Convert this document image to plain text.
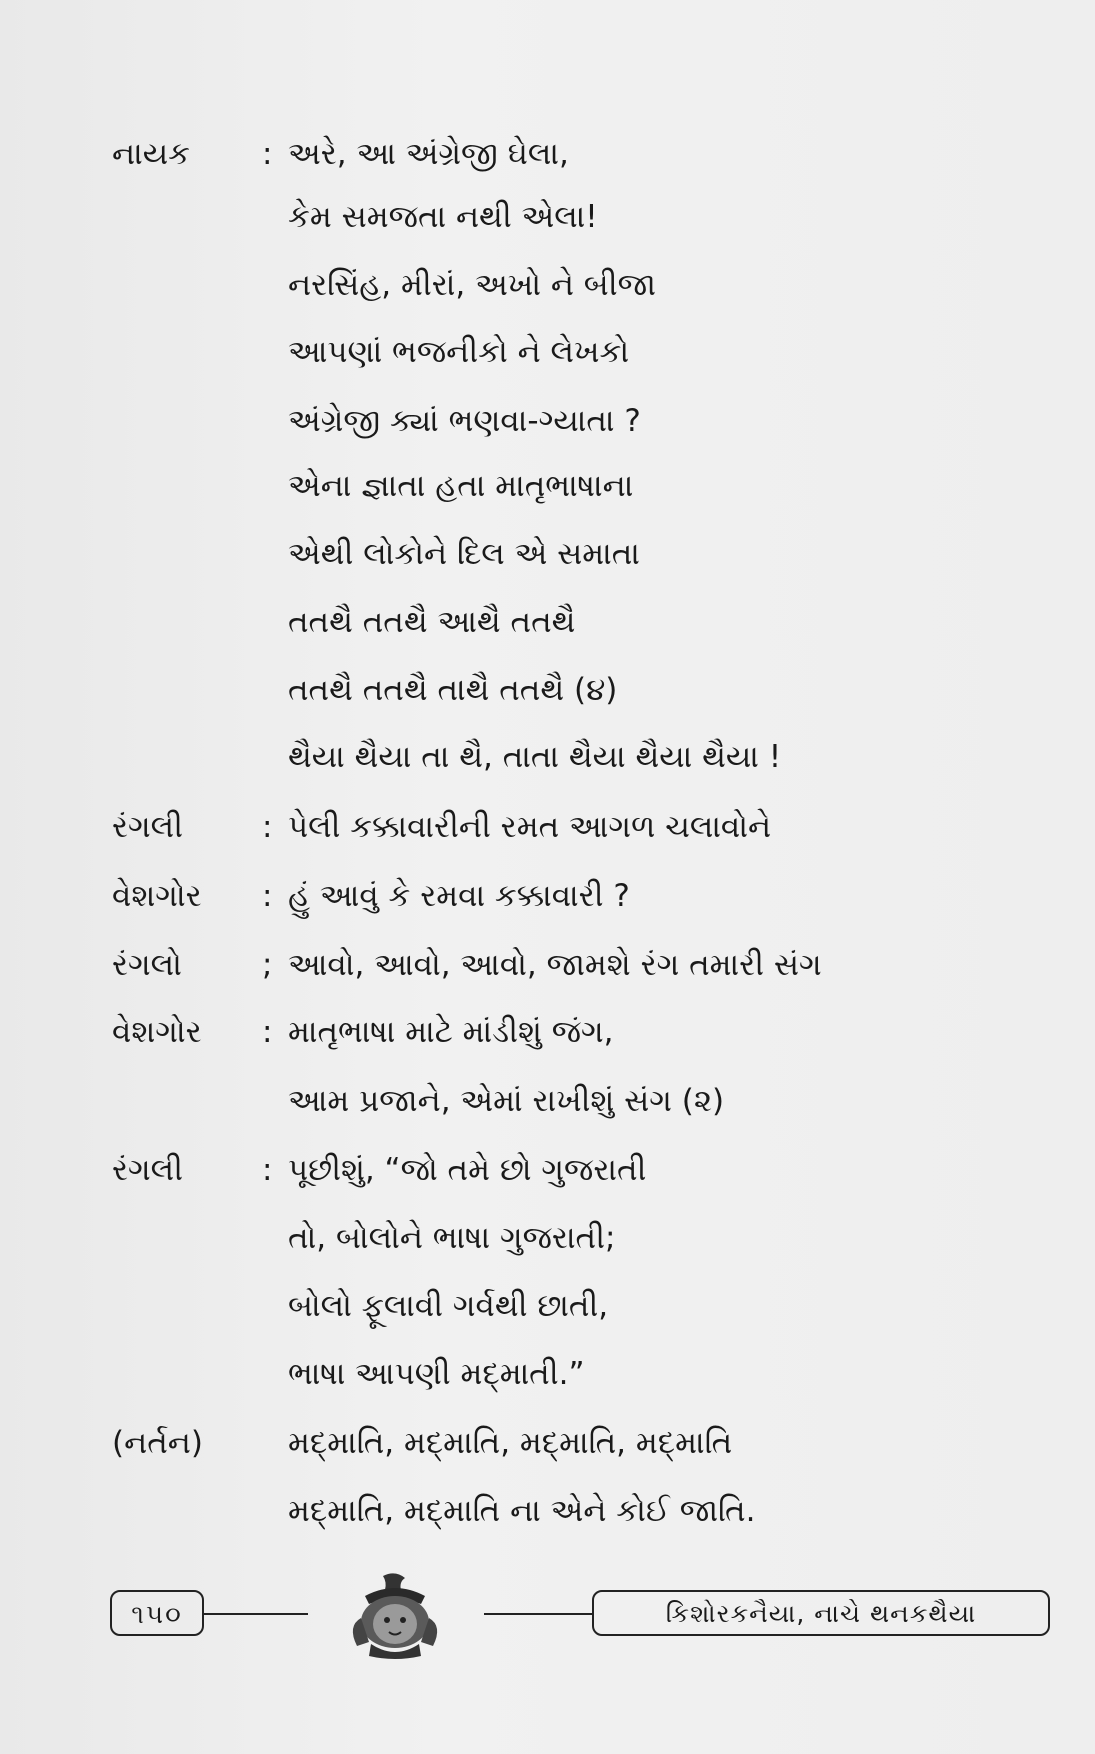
નાયક : અરે, આ અંગ્રેજી ઘેલા,
કેમ સમજતા નથી એલા!
નરસિંહ, મીરાં, અખો ને બીજા
આપણાં ભજનીકો ને લેખકો
અંગ્રેજી ક્યાં ભણવા-ગ્યાતા ?
એના જ્ઞાતા હતા માતૃભાષાના
એથી લોકોને દિલ એ સમાતા
તતથૈ તતથૈ આથૈ તતથૈ
તતથૈ તતથૈ તાથૈ તતથૈ (૪)
થૈયા થૈયા તા થૈ, તાતા થૈયા થૈયા થૈયા !
રંગલી	: પેલી કક્કાવારીની રમત આગળ ચલાવોને
વેશગોર : હું આવું કે રમવા કક્કાવારી ?
રંગલો	; આવો, આવો, આવો, જામશે રંગ તમારી સંગ
વેશગોર : માતૃભાષા માટે માંડીશું જંગ,
આમ પ્રજાને, એમાં રાખીશું સંગ (૨)
રંગલી	: પૂછીશું, “જો તમે છો ગુજરાતી
તો, બોલોને ભાષા ગુજરાતી;
બોલો ફૂલાવી ગર્વથી છાતી,
ભાષા આપણી મદ્‌માતી.”
(નર્તન)	મદ્‌માતિ, મદ્‌માતિ, મદ્‌માતિ, મદ્‌માતિ
મદ્‌માતિ, મદ્‌માતિ ના એને કોઈ જાતિ.
૧૫૦	કિશોરકનૈયા, નાચે થનકથૈયા
